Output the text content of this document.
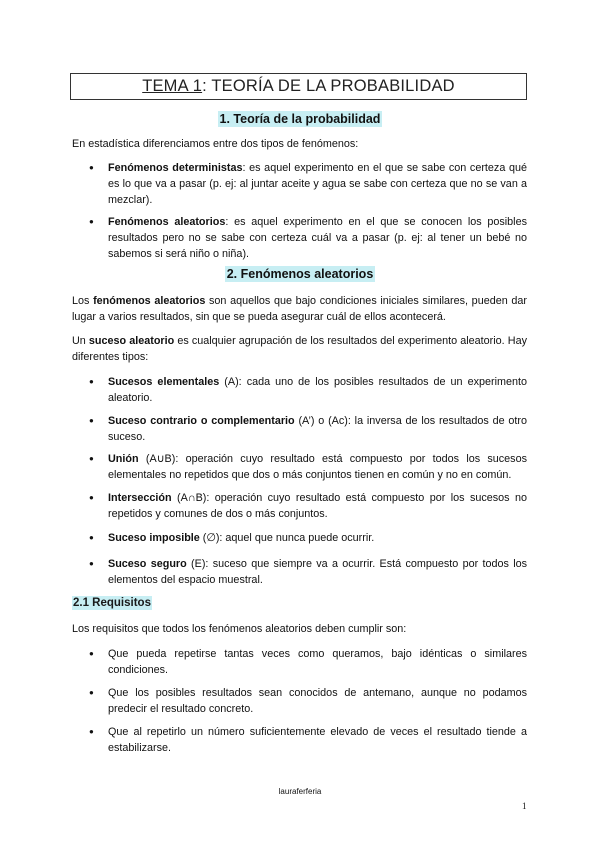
TEMA 1 : TEORÍA DE LA PROBABILIDAD
1. Teoría de la probabilidad
En estadística diferenciamos entre dos tipos de fenómenos:
● Fenómenos deterministas: es aquel experimento en el que se sabe con certeza qué es lo que va a pasar (p. ej: al juntar aceite y agua se sabe con certeza que no se van a mezclar).
● Fenómenos aleatorios: es aquel experimento en el que se conocen los posibles resultados pero no se sabe con certeza cuál va a pasar (p. ej: al tener un bebé no sabemos si será niño o niña).
2. Fenómenos aleatorios
Los fenómenos aleatorios son aquellos que bajo condiciones iniciales similares, pueden dar lugar a varios resultados, sin que se pueda asegurar cuál de ellos acontecerá.
Un suceso aleatorio es cualquier agrupación de los resultados del experimento aleatorio. Hay diferentes tipos:
● Sucesos elementales (A): cada uno de los posibles resultados de un experimento aleatorio.
● Suceso contrario o complementario (A’) o (Ac): la inversa de los resultados de otro suceso.
● Unión (A∪B): operación cuyo resultado está compuesto por todos los sucesos elementales no repetidos que dos o más conjuntos tienen en común y no en común.
● Intersección (A∩B): operación cuyo resultado está compuesto por los sucesos no repetidos y comunes de dos o más conjuntos.
● Suceso imposible (∅): aquel que nunca puede ocurrir.
● Suceso seguro (E): suceso que siempre va a ocurrir. Está compuesto por todos los elementos del espacio muestral.
2.1 Requisitos
Los requisitos que todos los fenómenos aleatorios deben cumplir son:
● Que pueda repetirse tantas veces como queramos, bajo idénticas o similares condiciones.
● Que los posibles resultados sean conocidos de antemano, aunque no podamos predecir el resultado concreto.
● Que al repetirlo un número suficientemente elevado de veces el resultado tiende a estabilizarse.
lauraferferia
1
